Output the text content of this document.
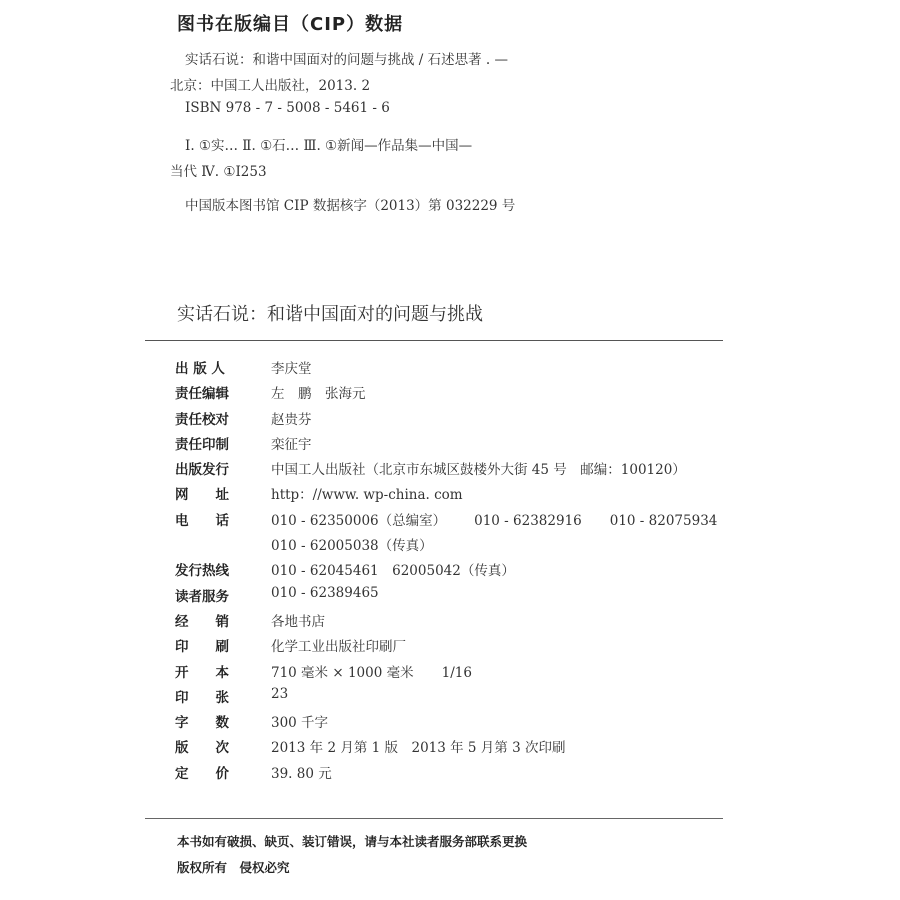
图书在版编目（CIP）数据
实话石说：和谐中国面对的问题与挑战 / 石述思著 . —
北京：中国工人出版社，2013. 2
ISBN 978 - 7 - 5008 - 5461 - 6
Ⅰ. ①实… Ⅱ. ①石… Ⅲ. ①新闻—作品集—中国—
当代 Ⅳ. ①I253
中国版本图书馆 CIP 数据核字（2013）第 032229 号
实话石说：和谐中国面对的问题与挑战
出 版 人	李庆堂
责任编辑	左　鹏　张海元
责任校对	赵贵芬
责任印制	栾征宇
出版发行	中国工人出版社（北京市东城区鼓楼外大街 45 号　邮编：100120）
网　　址	http：//www. wp-china. com
电　　话	010 - 62350006（总编室） 010 - 62382916 010 - 82075934
010 - 62005038（传真）
发行热线	010 - 62045461　62005042（传真）
读者服务	010 - 62389465
经　　销	各地书店
印　　刷	化学工业出版社印刷厂
开　　本	710 毫米 × 1000 毫米 1/16
印　　张	23
字　　数	300 千字
版　　次	2013 年 2 月第 1 版　2013 年 5 月第 3 次印刷
定　　价	39. 80 元
本书如有破损、缺页、装订错误，请与本社读者服务部联系更换
版权所有　侵权必究
